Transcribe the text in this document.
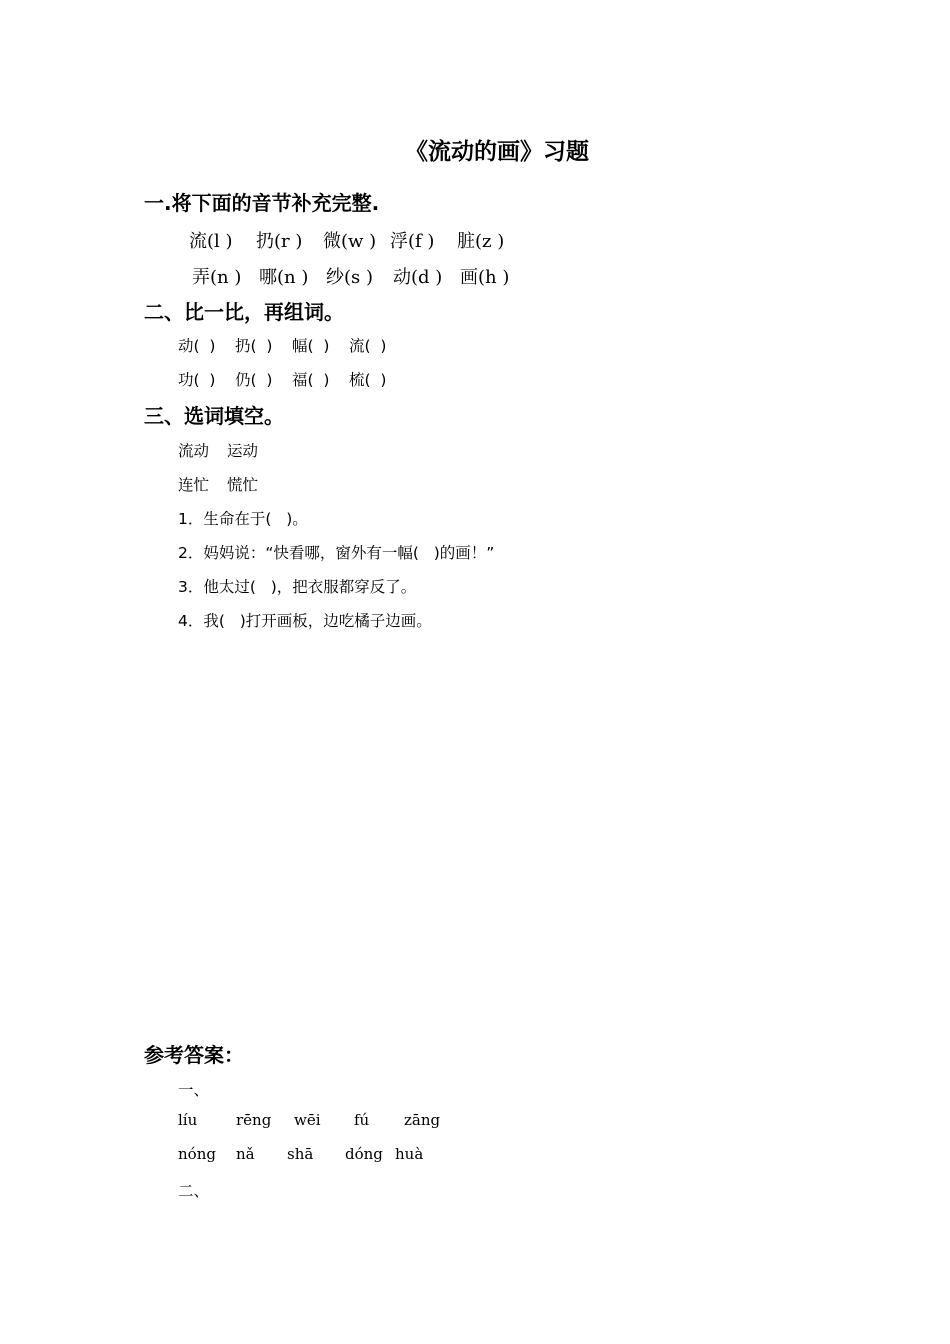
《流动的画》习题
一.将下面的音节补充完整.
流(l ) 扔(r ) 微(w ) 浮(f ) 脏(z )
弄(n ) 哪(n ) 纱(s ) 动(d ) 画(h )
二、比一比，再组词。
动(  ) 扔(  ) 幅(  ) 流(  )
功(  ) 仍(  ) 福(  ) 梳(  )
三、选词填空。
流动 运动
连忙 慌忙
1．生命在于(   )。
2．妈妈说：“快看哪，窗外有一幅(   )的画！”
3．他太过(   )，把衣服都穿反了。
4．我(   )打开画板，边吃橘子边画。
参考答案：
一、
líu	rēng wēi fú zāng
nóng nǎ shā dóng huà
二、
